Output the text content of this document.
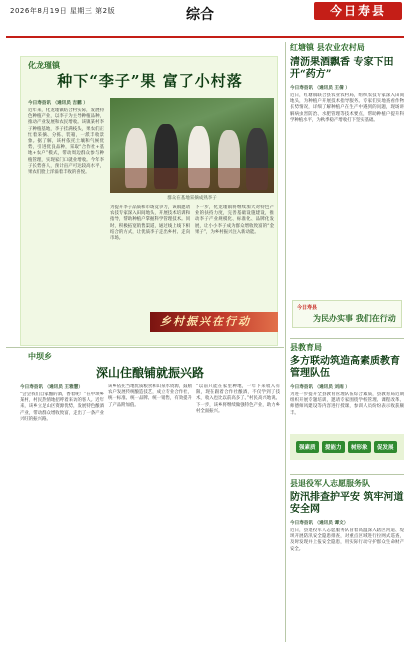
2026年8月19日 星期三 第2版	综合	今日寿县
化龙瑾镇
种下“李子”果 富了小村落
今日寿县讯 （通讯员 吉鹏 ）
近年来，化龙瑾镇结合村实际，发展特色种植产业，以李子为主导种植品种，推动产业发展和农民增收。该镇某村李子种植基地，李子挂满枝头，果农们正忙着采摘、分拣、装箱，一派丰收景象。据了解，该村依托土壤和气候优势，引进优良品种，采取“合作社+基地+农户”模式，带动周边群众参与种植管理，实现家门口就业增收。今年李子长势喜人，预计亩产可达较高水平，果农们脸上洋溢着丰收的喜悦。
群众在基地采摘成熟李子
为提升李子品质和市场竞争力，该镇邀请农技专家深入田间地头，开展技术培训和指导，帮助种植户掌握科学管理技术。同时，积极拓宽销售渠道，通过线上线下相结合的方式，让优质李子走出乡村、走向市场。
下一步，化龙瑾镇将继续加大对特色产业的扶持力度，完善基础设施建设，推动李子产业规模化、标准化、品牌化发展，让小小李子成为群众增收致富的“金果子”，为乡村振兴注入新动能。
乡村振兴在行动
中坝乡
深山住酿铺就振兴路
今日寿县讯 （通讯员 王雅慧）
“尝尝我们自家酿的酒，香着呢！”在中坝乡某村，村民热情地招呼着来访的客人。近年来，该乡立足山区资源优势，发展特色酿酒产业，带动群众增收致富，走出了一条产业兴旺的振兴路。
该乡依托当地优质粮食和山泉水资源，鼓励农户发展传统酿造技艺，成立专业合作社，统一标准、统一品牌、统一销售，有效提升了产品附加值。
“以前只能在家里种地，一年下来收入有限，现在跟着合作社酿酒，不仅学到了技术，收入也比以前高多了。”村民高兴地说。下一步，该乡将继续做强特色产业，助力乡村全面振兴。
红塘镇 县农业农村局
清沥果酒飘香 专家下田开“药方”
今日寿县讯 （通讯员 王倩 ）
近日，红塘镇联合县农业农村局，组织农技专家深入田间地头，为种植户开展技术指导服务。专家们实地查看作物长势情况，详细了解种植户在生产中遇到的问题，现场讲解病虫害防治、水肥管理等技术要点，帮助种植户提升科学种植水平，为秋季稳产增收打下坚实基础。
今日寿县
为民办实事 我们在行动
县教育局
多方联动筑造高素质教育管理队伍
今日寿县讯 （通讯员 刘雨 ）
为进一步提升全县教育管理队伍综合素质，县教育局近期组织开展专题培训，邀请专家围绕学校管理、课程改革、师德师风建设等内容进行授课，参训人员纷纷表示收获颇丰。
强素质	提能力	树形象	促发展
县退役军人志愿服务队
防汛排查护平安 筑牢河道安全网
今日寿县讯 （通讯员 谭文）
近日，县退役军人志愿服务队冒着高温深入辖区河道、堤坝开展防汛安全隐患排查，对重点区域进行拉网式巡查，及时发现并上报安全隐患，用实际行动守护群众生命财产安全。
